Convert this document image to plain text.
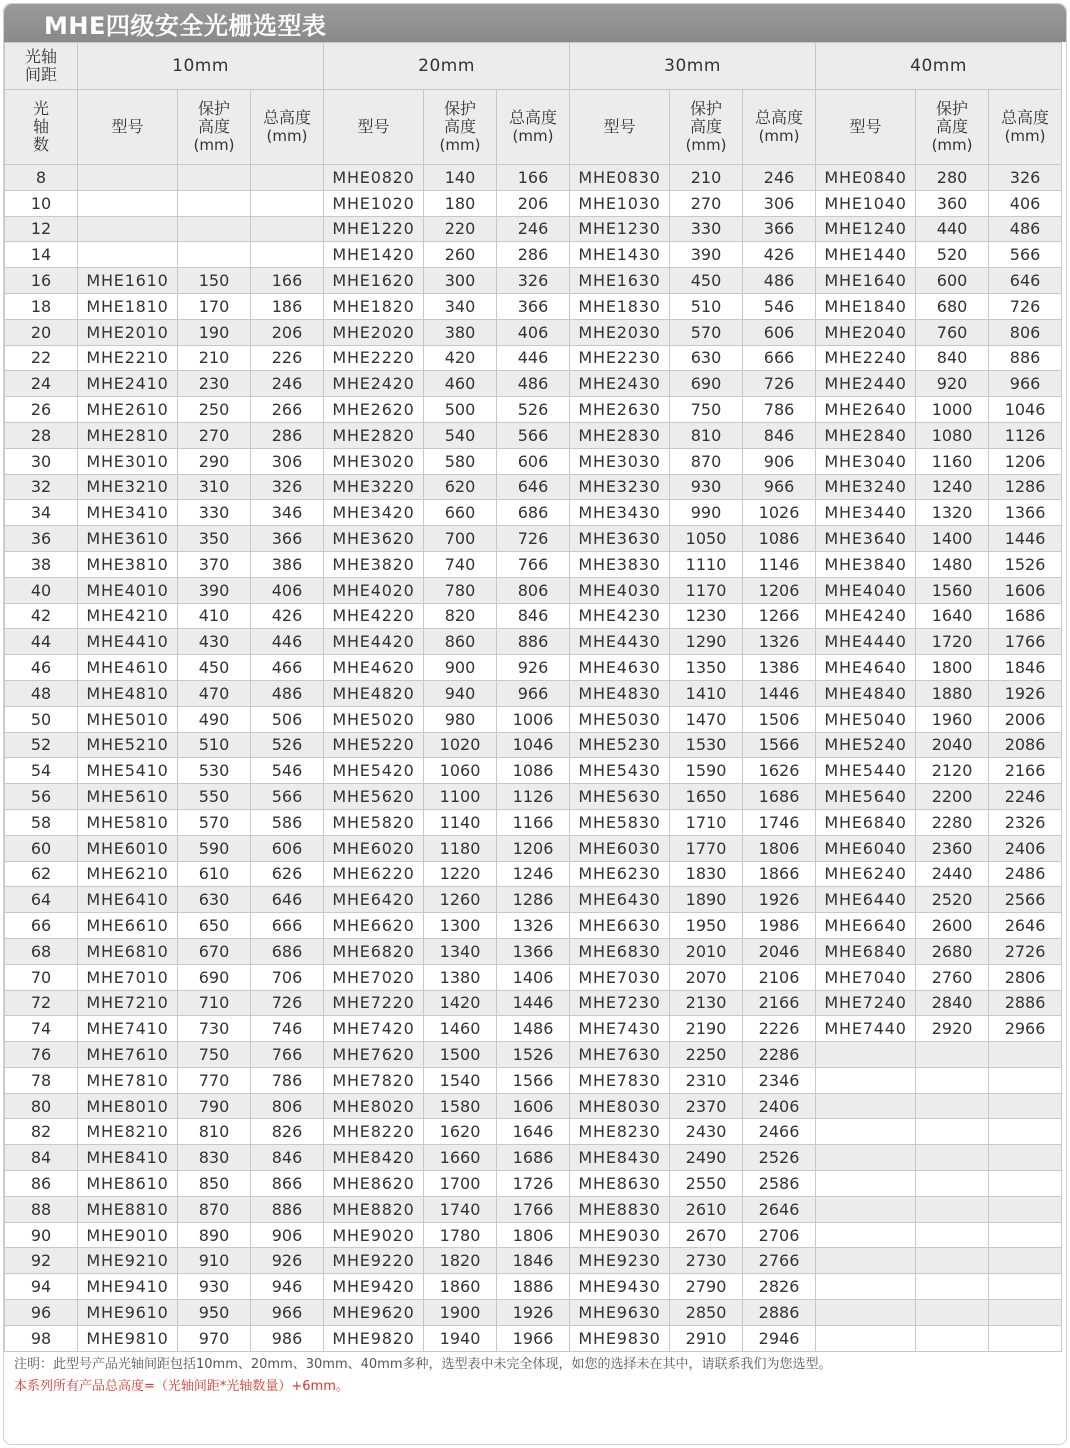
MHE四级安全光栅选型表
光轴
间距	10mm			20mm			30mm			40mm		
光
轴
数	型号	保护
高度
(mm)	总高度
(mm)	型号	保护
高度
(mm)	总高度
(mm)	型号	保护
高度
(mm)	总高度
(mm)	型号	保护
高度
(mm)	总高度
(mm)
8				MHE0820	140	166	MHE0830	210	246	MHE0840	280	326
10				MHE1020	180	206	MHE1030	270	306	MHE1040	360	406
12				MHE1220	220	246	MHE1230	330	366	MHE1240	440	486
14				MHE1420	260	286	MHE1430	390	426	MHE1440	520	566
16	MHE1610	150	166	MHE1620	300	326	MHE1630	450	486	MHE1640	600	646
18	MHE1810	170	186	MHE1820	340	366	MHE1830	510	546	MHE1840	680	726
20	MHE2010	190	206	MHE2020	380	406	MHE2030	570	606	MHE2040	760	806
22	MHE2210	210	226	MHE2220	420	446	MHE2230	630	666	MHE2240	840	886
24	MHE2410	230	246	MHE2420	460	486	MHE2430	690	726	MHE2440	920	966
26	MHE2610	250	266	MHE2620	500	526	MHE2630	750	786	MHE2640	1000	1046
28	MHE2810	270	286	MHE2820	540	566	MHE2830	810	846	MHE2840	1080	1126
30	MHE3010	290	306	MHE3020	580	606	MHE3030	870	906	MHE3040	1160	1206
32	MHE3210	310	326	MHE3220	620	646	MHE3230	930	966	MHE3240	1240	1286
34	MHE3410	330	346	MHE3420	660	686	MHE3430	990	1026	MHE3440	1320	1366
36	MHE3610	350	366	MHE3620	700	726	MHE3630	1050	1086	MHE3640	1400	1446
38	MHE3810	370	386	MHE3820	740	766	MHE3830	1110	1146	MHE3840	1480	1526
40	MHE4010	390	406	MHE4020	780	806	MHE4030	1170	1206	MHE4040	1560	1606
42	MHE4210	410	426	MHE4220	820	846	MHE4230	1230	1266	MHE4240	1640	1686
44	MHE4410	430	446	MHE4420	860	886	MHE4430	1290	1326	MHE4440	1720	1766
46	MHE4610	450	466	MHE4620	900	926	MHE4630	1350	1386	MHE4640	1800	1846
48	MHE4810	470	486	MHE4820	940	966	MHE4830	1410	1446	MHE4840	1880	1926
50	MHE5010	490	506	MHE5020	980	1006	MHE5030	1470	1506	MHE5040	1960	2006
52	MHE5210	510	526	MHE5220	1020	1046	MHE5230	1530	1566	MHE5240	2040	2086
54	MHE5410	530	546	MHE5420	1060	1086	MHE5430	1590	1626	MHE5440	2120	2166
56	MHE5610	550	566	MHE5620	1100	1126	MHE5630	1650	1686	MHE5640	2200	2246
58	MHE5810	570	586	MHE5820	1140	1166	MHE5830	1710	1746	MHE6840	2280	2326
60	MHE6010	590	606	MHE6020	1180	1206	MHE6030	1770	1806	MHE6040	2360	2406
62	MHE6210	610	626	MHE6220	1220	1246	MHE6230	1830	1866	MHE6240	2440	2486
64	MHE6410	630	646	MHE6420	1260	1286	MHE6430	1890	1926	MHE6440	2520	2566
66	MHE6610	650	666	MHE6620	1300	1326	MHE6630	1950	1986	MHE6640	2600	2646
68	MHE6810	670	686	MHE6820	1340	1366	MHE6830	2010	2046	MHE6840	2680	2726
70	MHE7010	690	706	MHE7020	1380	1406	MHE7030	2070	2106	MHE7040	2760	2806
72	MHE7210	710	726	MHE7220	1420	1446	MHE7230	2130	2166	MHE7240	2840	2886
74	MHE7410	730	746	MHE7420	1460	1486	MHE7430	2190	2226	MHE7440	2920	2966
76	MHE7610	750	766	MHE7620	1500	1526	MHE7630	2250	2286			
78	MHE7810	770	786	MHE7820	1540	1566	MHE7830	2310	2346			
80	MHE8010	790	806	MHE8020	1580	1606	MHE8030	2370	2406			
82	MHE8210	810	826	MHE8220	1620	1646	MHE8230	2430	2466			
84	MHE8410	830	846	MHE8420	1660	1686	MHE8430	2490	2526			
86	MHE8610	850	866	MHE8620	1700	1726	MHE8630	2550	2586			
88	MHE8810	870	886	MHE8820	1740	1766	MHE8830	2610	2646			
90	MHE9010	890	906	MHE9020	1780	1806	MHE9030	2670	2706			
92	MHE9210	910	926	MHE9220	1820	1846	MHE9230	2730	2766			
94	MHE9410	930	946	MHE9420	1860	1886	MHE9430	2790	2826			
96	MHE9610	950	966	MHE9620	1900	1926	MHE9630	2850	2886			
98	MHE9810	970	986	MHE9820	1940	1966	MHE9830	2910	2946			
注明：此型号产品光轴间距包括10mm、20mm、30mm、40mm多种，选型表中未完全体现，如您的选择未在其中，请联系我们为您选型。
本系列所有产品总高度=（光轴间距*光轴数量）+6mm。
